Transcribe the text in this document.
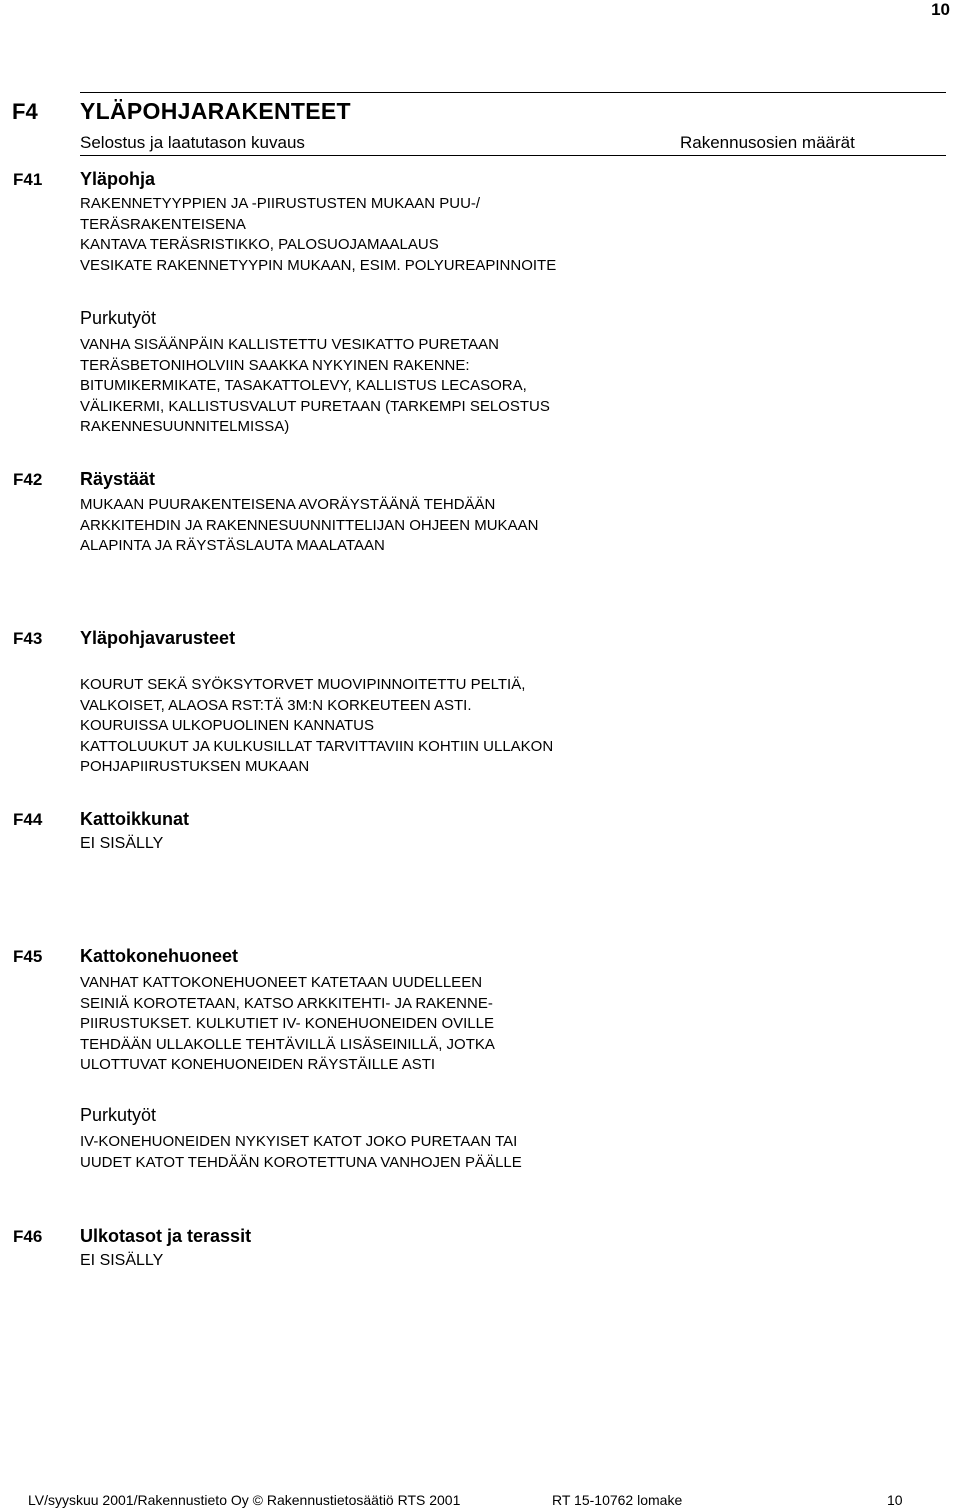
10
F4 YLÄPOHJARAKENTEET
Selostus ja laatutason kuvaus	Rakennusosien määrät
F41 Yläpohja
RAKENNETYYPPIEN JA -PIIRUSTUSTEN MUKAAN PUU-/
TERÄSRAKENTEISENA
KANTAVA TERÄSRISTIKKO, PALOSUOJAMAALAUS
VESIKATE RAKENNETYYPIN MUKAAN, ESIM. POLYUREAPINNOITE
Purkutyöt
VANHA SISÄÄNPÄIN KALLISTETTU VESIKATTO PURETAAN
TERÄSBETONIHOLVIIN SAAKKA NYKYINEN RAKENNE:
BITUMIKERMIKATE, TASAKATTOLEVY, KALLISTUS LECASORA,
VÄLIKERMI, KALLISTUSVALUT PURETAAN (TARKEMPI SELOSTUS
RAKENNESUUNNITELMISSA)
F42 Räystäät
MUKAAN PUURAKENTEISENA AVORÄYSTÄÄNÄ TEHDÄÄN
ARKKITEHDIN JA RAKENNESUUNNITTELIJAN OHJEEN MUKAAN
ALAPINTA JA RÄYSTÄSLAUTA MAALATAAN
F43 Yläpohjavarusteet
KOURUT SEKÄ SYÖKSYTORVET MUOVIPINNOITETTU PELTIÄ,
VALKOISET, ALAOSA RST:TÄ 3M:N KORKEUTEEN ASTI.
KOURUISSA ULKOPUOLINEN KANNATUS
KATTOLUUKUT JA KULKUSILLAT TARVITTAVIIN KOHTIIN ULLAKON
POHJAPIIRUSTUKSEN MUKAAN
F44 Kattoikkunat
EI SISÄLLY
F45 Kattokonehuoneet
VANHAT KATTOKONEHUONEET KATETAAN UUDELLEEN
SEINIÄ KOROTETAAN, KATSO ARKKITEHTI- JA RAKENNE-
PIIRUSTUKSET. KULKUTIET IV- KONEHUONEIDEN OVILLE
TEHDÄÄN ULLAKOLLE TEHTÄVILLÄ LISÄSEINILLÄ, JOTKA
ULOTTUVAT KONEHUONEIDEN RÄYSTÄILLE ASTI
Purkutyöt
IV-KONEHUONEIDEN NYKYISET KATOT JOKO PURETAAN TAI
UUDET KATOT TEHDÄÄN KOROTETTUNA VANHOJEN PÄÄLLE
F46 Ulkotasot ja terassit
EI SISÄLLY
LV/syyskuu 2001/Rakennustieto Oy © Rakennustietosäätiö RTS 2001	RT 15-10762 lomake	10
